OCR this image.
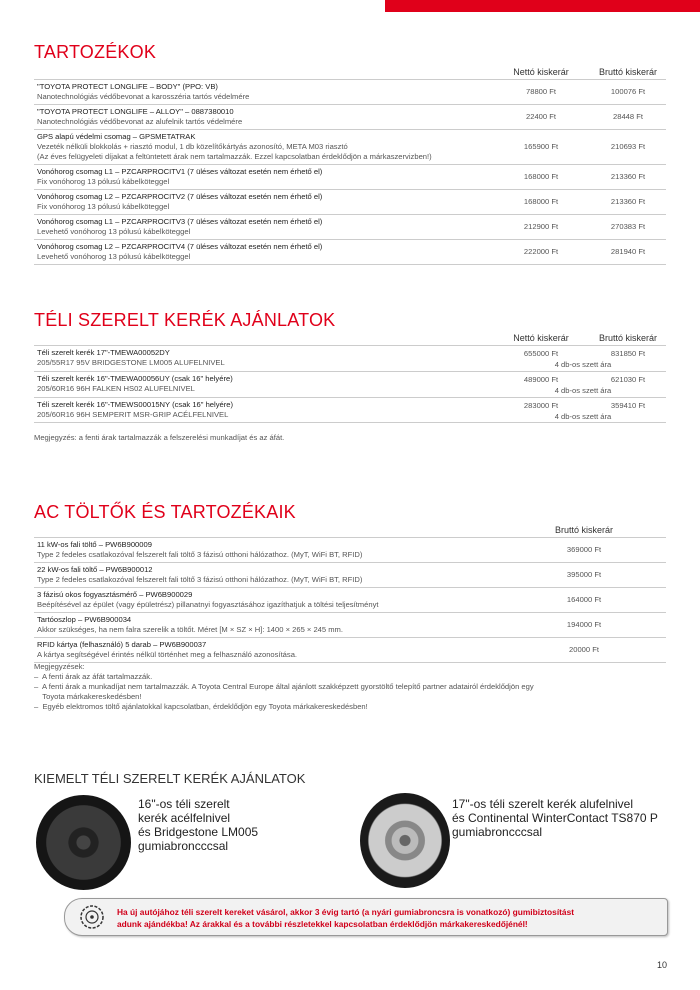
TARTOZÉKOK
Nettó kiskerár	Bruttó kiskerár
"TOYOTA PROTECT LONGLIFE – BODY" (PPO: VB)
Nanotechnológiás védőbevonat a karosszéria tartós védelmére
78800 Ft	100076 Ft
"TOYOTA PROTECT LONGLIFE – ALLOY" – 0887380010
Nanotechnológiás védőbevonat az alufelnik tartós védelmére
22400 Ft	28448 Ft
GPS alapú védelmi csomag – GPSMETATRAK
Vezeték nélküli blokkolás + riasztó modul, 1 db közelítőkártyás azonosító, META M03 riasztó
(Az éves felügyeleti díjakat a feltüntetett árak nem tartalmazzák. Ezzel kapcsolatban érdeklődjön a márkaszervizben!)
165900 Ft	210693 Ft
Vonóhorog csomag L1 – PZCARPROCITV1 (7 üléses változat esetén nem érhető el)
Fix vonóhorog 13 pólusú kábelköteggel
168000 Ft	213360 Ft
Vonóhorog csomag L2 – PZCARPROCITV2 (7 üléses változat esetén nem érhető el)
Fix vonóhorog 13 pólusú kábelköteggel
168000 Ft	213360 Ft
Vonóhorog csomag L1 – PZCARPROCITV3 (7 üléses változat esetén nem érhető el)
Levehető vonóhorog 13 pólusú kábelköteggel
212900 Ft	270383 Ft
Vonóhorog csomag L2 – PZCARPROCITV4 (7 üléses változat esetén nem érhető el)
Levehető vonóhorog 13 pólusú kábelköteggel
222000 Ft	281940 Ft
TÉLI SZERELT KERÉK AJÁNLATOK
Nettó kiskerár	Bruttó kiskerár
Téli szerelt kerék 17"-TMEWA00052DY
205/55R17 95V BRIDGESTONE LM005 ALUFELNIVEL
655000 Ft	831850 Ft
4 db-os szett ára
Téli szerelt kerék 16"-TMEWA00056UY (csak 16" helyére)
205/60R16 96H FALKEN HS02 ALUFELNIVEL
489000 Ft	621030 Ft
4 db-os szett ára
Téli szerelt kerék 16"-TMEWS00015NY (csak 16" helyére)
205/60R16 96H SEMPERIT MSR-GRIP ACÉLFELNIVEL
283000 Ft	359410 Ft
4 db-os szett ára
Megjegyzés: a fenti árak tartalmazzák a felszerelési munkadíjat és az áfát.
AC TÖLTŐK ÉS TARTOZÉKAIK
Bruttó kiskerár
11 kW-os fali töltő – PW6B900009
Type 2 fedeles csatlakozóval felszerelt fali töltő 3 fázisú otthoni hálózathoz. (MyT, WiFi BT, RFID)
369000 Ft
22 kW-os fali töltő – PW6B900012
Type 2 fedeles csatlakozóval felszerelt fali töltő 3 fázisú otthoni hálózathoz. (MyT, WiFi BT, RFID)
395000 Ft
3 fázisú okos fogyasztásmérő – PW6B900029
Beépítésével az épület (vagy épületrész) pillanatnyi fogyasztásához igazíthatjuk a töltési teljesítményt
164000 Ft
Tartóoszlop – PW6B900034
Akkor szükséges, ha nem falra szerelik a töltőt. Méret [M × SZ × H]: 1400 × 265 × 245 mm.
194000 Ft
RFID kártya (felhasználó) 5 darab – PW6B900037
A kártya segítségével érintés nélkül történhet meg a felhasználó azonosítása.
20000 Ft
Megjegyzések:
–  A fenti árak az áfát tartalmazzák.
–  A fenti árak a munkadíjat nem tartalmazzák. A Toyota Central Europe által ajánlott szakképzett gyorstöltő telepítő partner adatairól érdeklődjön egy
Toyota márkakereskedésben!
–  Egyéb elektromos töltő ajánlatokkal kapcsolatban, érdeklődjön egy Toyota márkakereskedésben!
KIEMELT TÉLI SZERELT KERÉK AJÁNLATOK
16"-os téli szerelt
kerék acélfelnivel
és Bridgestone LM005
gumiabroncccsal
17"-os téli szerelt kerék alufelnivel
és Continental WinterContact TS870 P
gumiabroncccsal
Ha új autójához téli szerelt kereket vásárol, akkor 3 évig tartó (a nyári gumiabroncsra is vonatkozó) gumibiztosítást
adunk ajándékba! Az árakkal és a további részletekkel kapcsolatban érdeklődjön márkakereskedőjénél!
10
